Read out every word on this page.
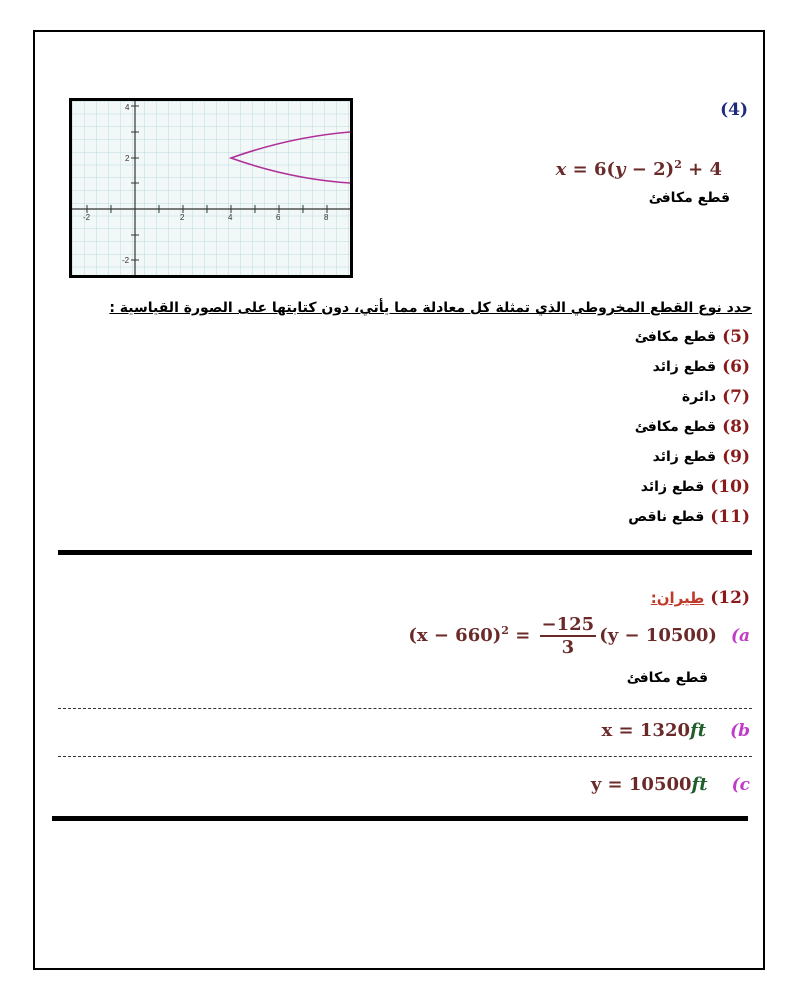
-2	2	4	6	8
4
2
-2
(4)
$x = 6(y - 2)^2 + 4$
قطع مكافئ
حدد نوع القطع المخروطي الذي تمثلة كل معادلة مما يأتي، دون كتابتها على الصورة القياسية :
(5)
قطع مكافئ
(6)
قطع زائد
(7)
دائرة
(8)
قطع مكافئ
(9)
قطع زائد
(10)
قطع زائد
(11)
قطع ناقص
(12)
طيران:
(a
$(x - 660)^2 = \frac{-125}{3} (y - 10500)$
قطع مكافئ
(b
x = 1320ft
(c
y = 10500ft
